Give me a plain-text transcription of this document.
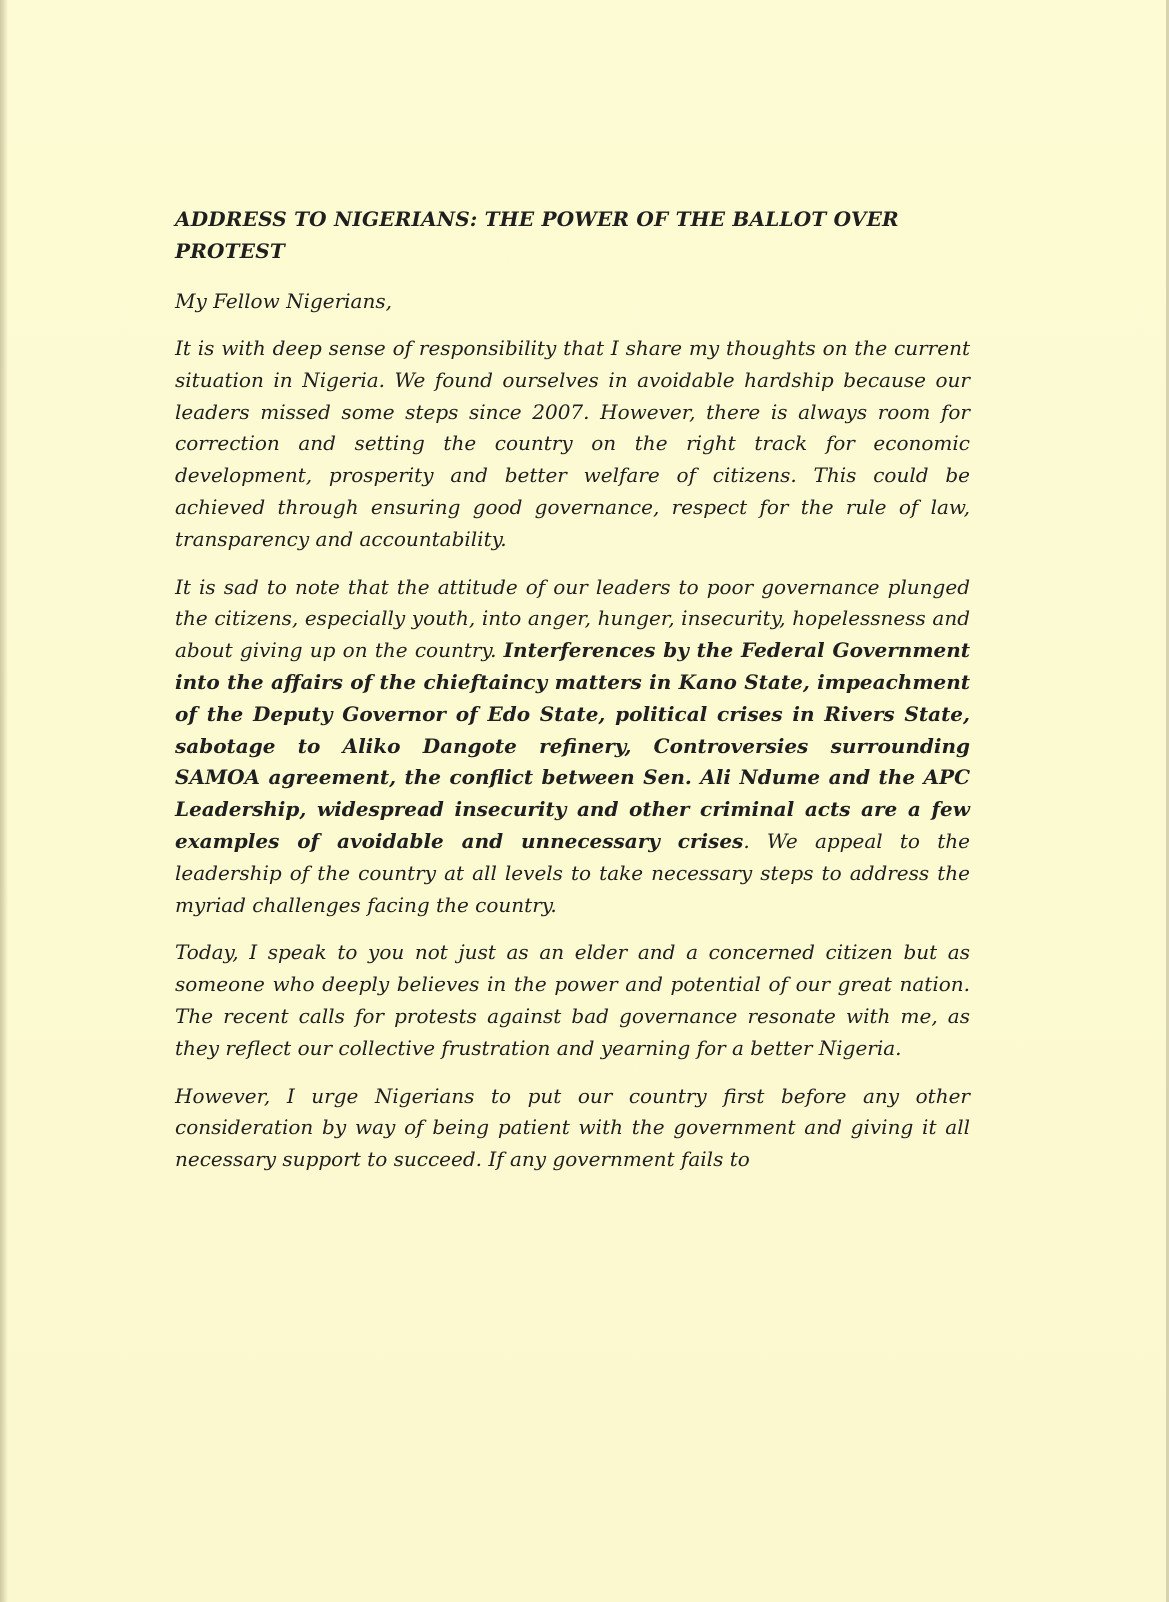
ADDRESS TO NIGERIANS: THE POWER OF THE BALLOT OVER PROTEST

My Fellow Nigerians,

It is with deep sense of responsibility that I share my thoughts on the current situation in Nigeria. We found ourselves in avoidable hardship because our leaders missed some steps since 2007. However, there is always room for correction and setting the country on the right track for economic development, prosperity and better welfare of citizens. This could be achieved through ensuring good governance, respect for the rule of law, transparency and accountability.

It is sad to note that the attitude of our leaders to poor governance plunged the citizens, especially youth, into anger, hunger, insecurity, hopelessness and about giving up on the country. Interferences by the Federal Government into the affairs of the chieftaincy matters in Kano State, impeachment of the Deputy Governor of Edo State, political crises in Rivers State, sabotage to Aliko Dangote refinery, Controversies surrounding SAMOA agreement, the conflict between Sen. Ali Ndume and the APC Leadership, widespread insecurity and other criminal acts are a few examples of avoidable and unnecessary crises. We appeal to the leadership of the country at all levels to take necessary steps to address the myriad challenges facing the country.

Today, I speak to you not just as an elder and a concerned citizen but as someone who deeply believes in the power and potential of our great nation. The recent calls for protests against bad governance resonate with me, as they reflect our collective frustration and yearning for a better Nigeria.

However, I urge Nigerians to put our country first before any other consideration by way of being patient with the government and giving it all necessary support to succeed. If any government fails to
